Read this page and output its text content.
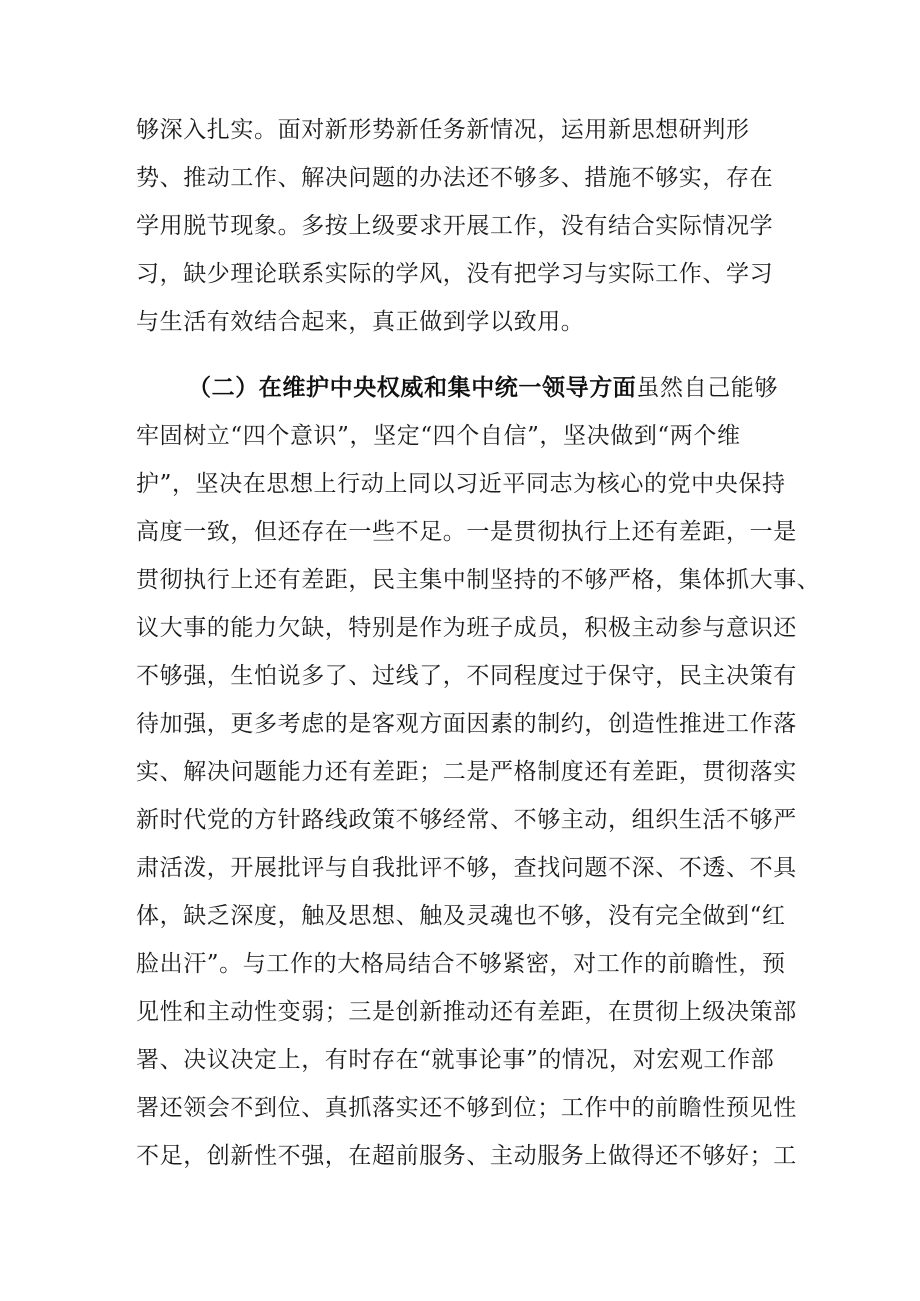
够深入扎实。面对新形势新任务新情况，运用新思想研判形
势、推动工作、解决问题的办法还不够多、措施不够实，存在
学用脱节现象。多按上级要求开展工作，没有结合实际情况学
习，缺少理论联系实际的学风，没有把学习与实际工作、学习
与生活有效结合起来，真正做到学以致用。
（二）在维护中央权威和集中统一领导方面虽然自己能够
牢固树立“四个意识”，坚定“四个自信”，坚决做到“两个维
护”，坚决在思想上行动上同以习近平同志为核心的党中央保持
高度一致，但还存在一些不足。一是贯彻执行上还有差距，一是
贯彻执行上还有差距，民主集中制坚持的不够严格，集体抓大事、
议大事的能力欠缺，特别是作为班子成员，积极主动参与意识还
不够强，生怕说多了、过线了，不同程度过于保守，民主决策有
待加强，更多考虑的是客观方面因素的制约，创造性推进工作落
实、解决问题能力还有差距；二是严格制度还有差距，贯彻落实
新时代党的方针路线政策不够经常、不够主动，组织生活不够严
肃活泼，开展批评与自我批评不够，查找问题不深、不透、不具
体，缺乏深度，触及思想、触及灵魂也不够，没有完全做到“红
脸出汗”。与工作的大格局结合不够紧密，对工作的前瞻性，预
见性和主动性变弱；三是创新推动还有差距，在贯彻上级决策部
署、决议决定上，有时存在“就事论事”的情况，对宏观工作部
署还领会不到位、真抓落实还不够到位；工作中的前瞻性预见性
不足，创新性不强，在超前服务、主动服务上做得还不够好；工
